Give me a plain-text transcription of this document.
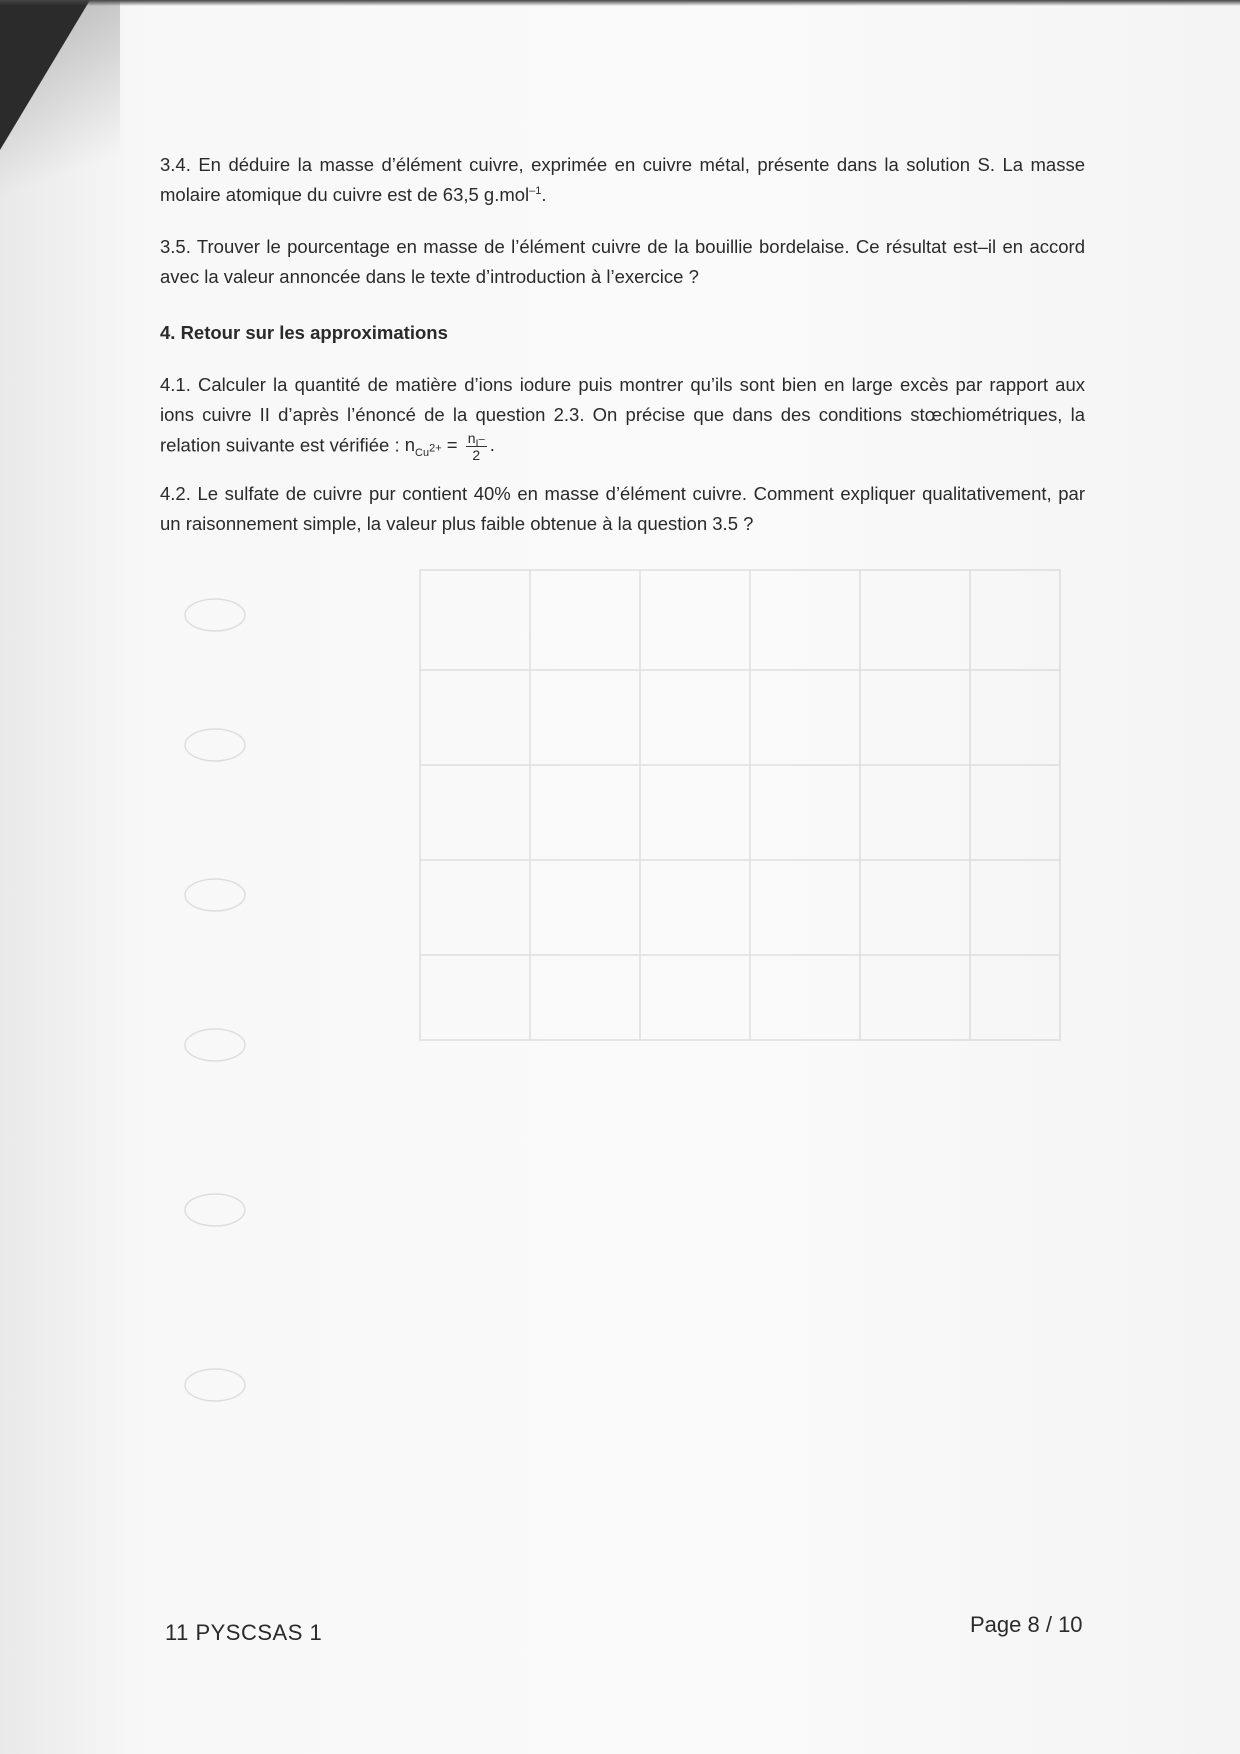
3.4. En déduire la masse d’élément cuivre, exprimée en cuivre métal, présente dans la solution S. La masse molaire atomique du cuivre est de 63,5 g.mol$^{-1}$.

3.5. Trouver le pourcentage en masse de l’élément cuivre de la bouillie bordelaise. Ce résultat est–il en accord avec la valeur annoncée dans le texte d’introduction à l’exercice ?

4. Retour sur les approximations

4.1. Calculer la quantité de matière d’ions iodure puis montrer qu’ils sont bien en large excès par rapport aux ions cuivre II d’après l’énoncé de la question 2.3. On précise que dans des conditions stœchiométriques, la relation suivante est vérifiée : $n_{Cu^{2+}} = \frac{n_{I^-}}{2}$ .

4.2. Le sulfate de cuivre pur contient 40% en masse d’élément cuivre. Comment expliquer qualitativement, par un raisonnement simple, la valeur plus faible obtenue à la question 3.5 ?

11 PYSCSAS 1	Page 8 / 10
